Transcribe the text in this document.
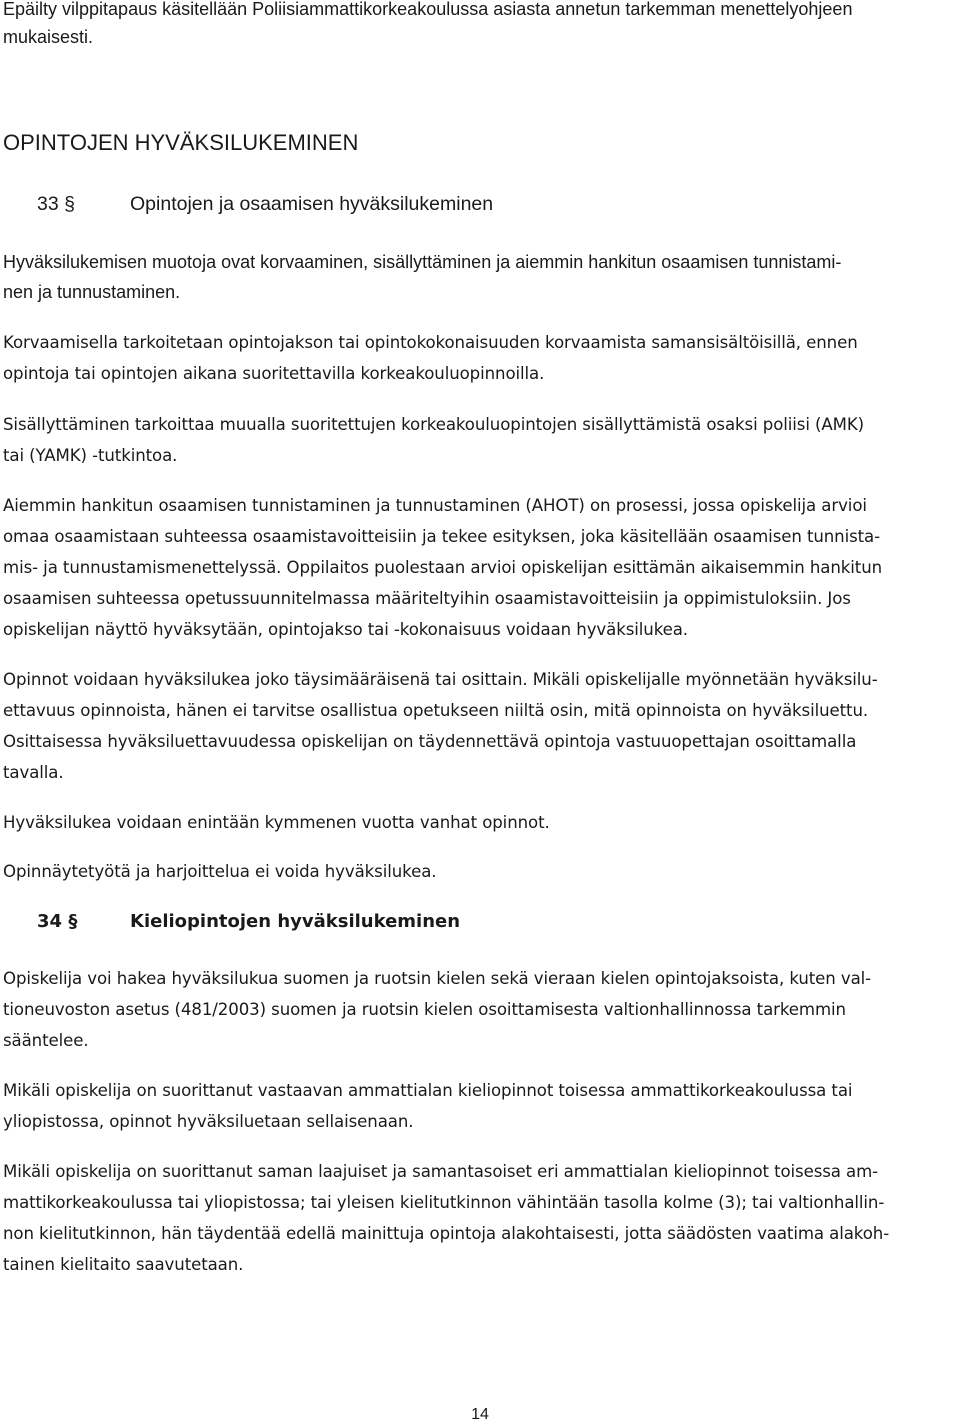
Epäilty vilppitapaus käsitellään Poliisiammattikorkeakoulussa asiasta annetun tarkemman menettelyohjeen

mukaisesti.

OPINTOJEN HYVÄKSILUKEMINEN

33 §	Opintojen ja osaamisen hyväksilukeminen

Hyväksilukemisen muotoja ovat korvaaminen, sisällyttäminen ja aiemmin hankitun osaamisen tunnistami-

nen ja tunnustaminen.

Korvaamisella tarkoitetaan opintojakson tai opintokokonaisuuden korvaamista samansisältöisillä, ennen

opintoja tai opintojen aikana suoritettavilla korkeakouluopinnoilla.

Sisällyttäminen tarkoittaa muualla suoritettujen korkeakouluopintojen sisällyttämistä osaksi poliisi (AMK)

tai (YAMK) -tutkintoa.

Aiemmin hankitun osaamisen tunnistaminen ja tunnustaminen (AHOT) on prosessi, jossa opiskelija arvioi

omaa osaamistaan suhteessa osaamistavoitteisiin ja tekee esityksen, joka käsitellään osaamisen tunnista-

mis- ja tunnustamismenettelyssä. Oppilaitos puolestaan arvioi opiskelijan esittämän aikaisemmin hankitun

osaamisen suhteessa opetussuunnitelmassa määriteltyihin osaamistavoitteisiin ja oppimistuloksiin. Jos

opiskelijan näyttö hyväksytään, opintojakso tai -kokonaisuus voidaan hyväksilukea.

Opinnot voidaan hyväksilukea joko täysimääräisenä tai osittain. Mikäli opiskelijalle myönnetään hyväksilu-

ettavuus opinnoista, hänen ei tarvitse osallistua opetukseen niiltä osin, mitä opinnoista on hyväksiluettu.

Osittaisessa hyväksiluettavuudessa opiskelijan on täydennettävä opintoja vastuuopettajan osoittamalla

tavalla.

Hyväksilukea voidaan enintään kymmenen vuotta vanhat opinnot.

Opinnäytetyötä ja harjoittelua ei voida hyväksilukea.

34 §	Kieliopintojen hyväksilukeminen

Opiskelija voi hakea hyväksilukua suomen ja ruotsin kielen sekä vieraan kielen opintojaksoista, kuten val-

tioneuvoston asetus (481/2003) suomen ja ruotsin kielen osoittamisesta valtionhallinnossa tarkemmin

sääntelee.

Mikäli opiskelija on suorittanut vastaavan ammattialan kieliopinnot toisessa ammattikorkeakoulussa tai

yliopistossa, opinnot hyväksiluetaan sellaisenaan.

Mikäli opiskelija on suorittanut saman laajuiset ja samantasoiset eri ammattialan kieliopinnot toisessa am-

mattikorkeakoulussa tai yliopistossa; tai yleisen kielitutkinnon vähintään tasolla kolme (3); tai valtionhallin-

non kielitutkinnon, hän täydentää edellä mainittuja opintoja alakohtaisesti, jotta säädösten vaatima alakoh-

tainen kielitaito saavutetaan.

14
